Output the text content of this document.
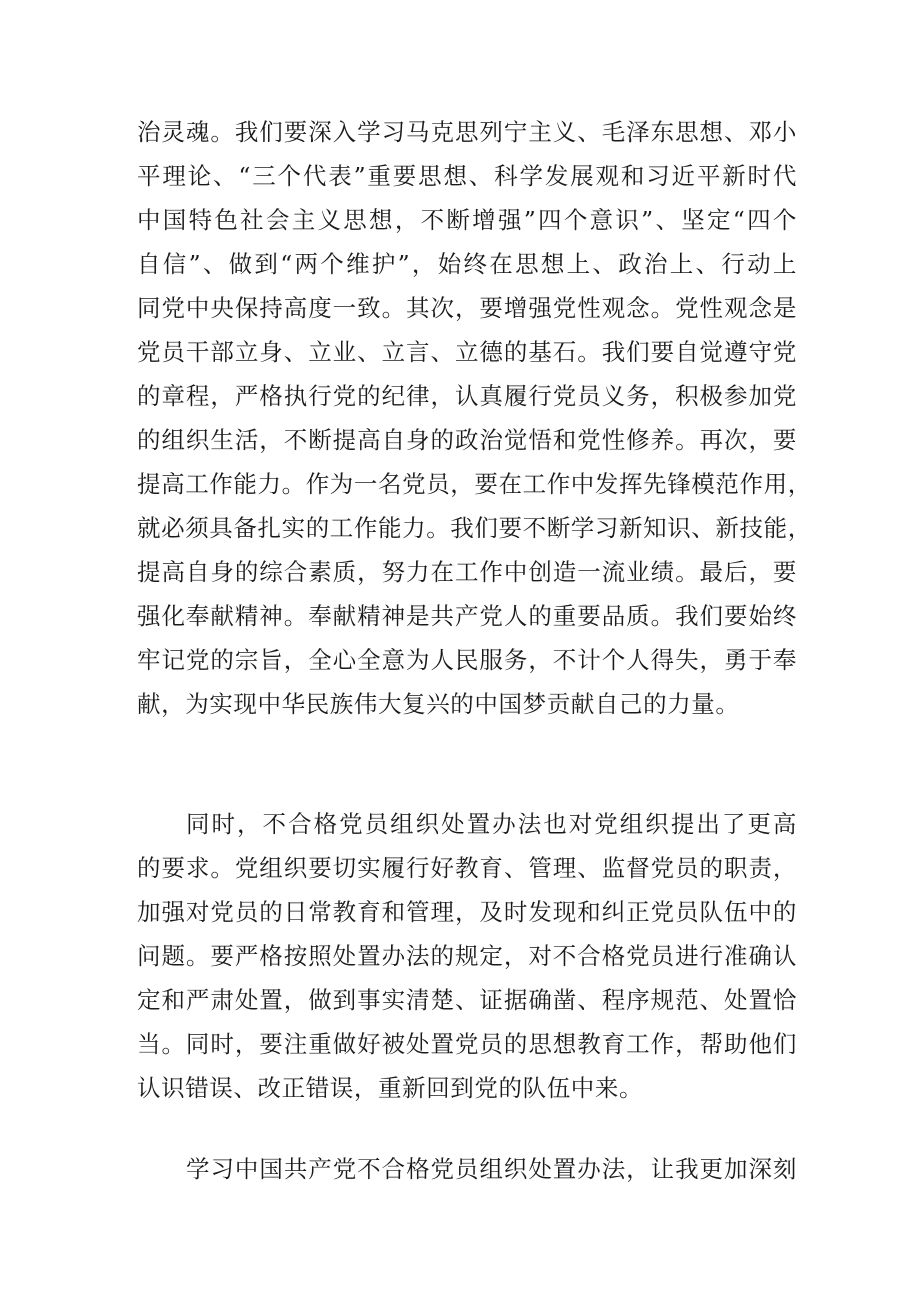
治灵魂。我们要深入学习马克思列宁主义、毛泽东思想、邓小
平理论、“三个代表”重要思想、科学发展观和习近平新时代
中国特色社会主义思想，不断增强”四个意识”、坚定“四个
自信”、做到“两个维护”，始终在思想上、政治上、行动上
同党中央保持高度一致。其次，要增强党性观念。党性观念是
党员干部立身、立业、立言、立德的基石。我们要自觉遵守党
的章程，严格执行党的纪律，认真履行党员义务，积极参加党
的组织生活，不断提高自身的政治觉悟和党性修养。再次，要
提高工作能力。作为一名党员，要在工作中发挥先锋模范作用，
就必须具备扎实的工作能力。我们要不断学习新知识、新技能，
提高自身的综合素质，努力在工作中创造一流业绩。最后，要
强化奉献精神。奉献精神是共产党人的重要品质。我们要始终
牢记党的宗旨，全心全意为人民服务，不计个人得失，勇于奉
献，为实现中华民族伟大复兴的中国梦贡献自己的力量。
同时，不合格党员组织处置办法也对党组织提出了更高
的要求。党组织要切实履行好教育、管理、监督党员的职责，
加强对党员的日常教育和管理，及时发现和纠正党员队伍中的
问题。要严格按照处置办法的规定，对不合格党员进行准确认
定和严肃处置，做到事实清楚、证据确凿、程序规范、处置恰
当。同时，要注重做好被处置党员的思想教育工作，帮助他们
认识错误、改正错误，重新回到党的队伍中来。
学习中国共产党不合格党员组织处置办法，让我更加深刻
